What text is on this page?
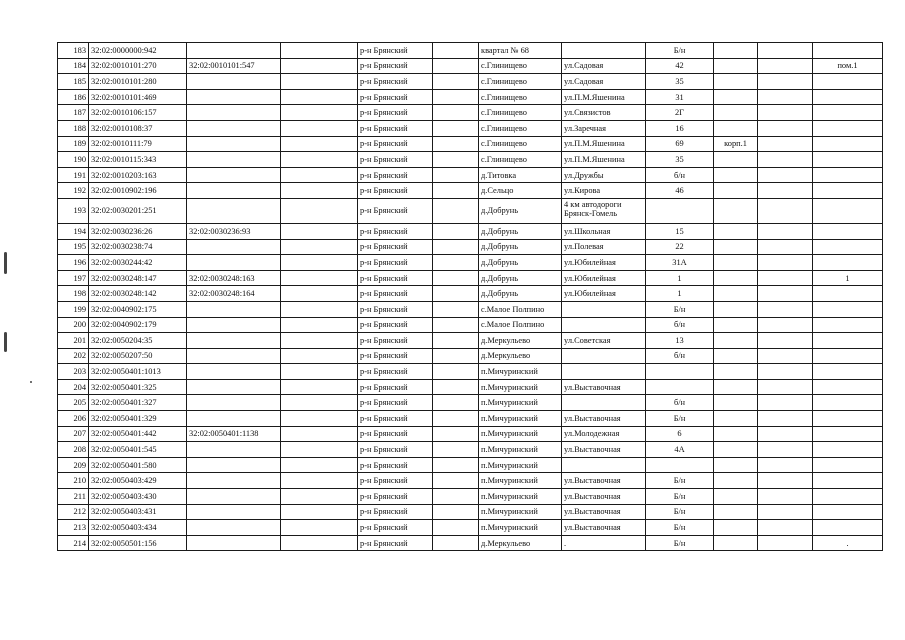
183	32:02:0000000:942			р-н Брянский		квартал № 68		Б/н			
184	32:02:0010101:270	32:02:0010101:547		р-н Брянский		с.Глинищево	ул.Садовая	42			пом.1
185	32:02:0010101:280			р-н Брянский		с.Глинищево	ул.Садовая	35			
186	32:02:0010101:469			р-н Брянский		с.Глинищево	ул.П.М.Яшенина	31			
187	32:02:0010106:157			р-н Брянский		с.Глинищево	ул.Связистов	2Г			
188	32:02:0010108:37			р-н Брянский		с.Глинищево	ул.Заречная	16			
189	32:02:0010111:79			р-н Брянский		с.Глинищево	ул.П.М.Яшенина	69	корп.1		
190	32:02:0010115:343			р-н Брянский		с.Глинищево	ул.П.М.Яшенина	35			
191	32:02:0010203:163			р-н Брянский		д.Титовка	ул.Дружбы	б/н			
192	32:02:0010902:196			р-н Брянский		д.Сельцо	ул.Кирова	46			
193	32:02:0030201:251			р-н Брянский		д.Добрунь	4 км автодороги Брянск-Гомель				
194	32:02:0030236:26	32:02:0030236:93		р-н Брянский		д.Добрунь	ул.Школьная	15			
195	32:02:0030238:74			р-н Брянский		д.Добрунь	ул.Полевая	22			
196	32:02:0030244:42			р-н Брянский		д.Добрунь	ул.Юбилейная	31А			
197	32:02:0030248:147	32:02:0030248:163		р-н Брянский		д.Добрунь	ул.Юбилейная	1			1
198	32:02:0030248:142	32:02:0030248:164		р-н Брянский		д.Добрунь	ул.Юбилейная	1			
199	32:02:0040902:175			р-н Брянский		с.Малое Полпино		Б/н			
200	32:02:0040902:179			р-н Брянский		с.Малое Полпино		б/н			
201	32:02:0050204:35			р-н Брянский		д.Меркульево	ул.Советская	13			
202	32:02:0050207:50			р-н Брянский		д.Меркульево		б/н			
203	32:02:0050401:1013			р-н Брянский		п.Мичуринский					
204	32:02:0050401:325			р-н Брянский		п.Мичуринский	ул.Выставочная				
205	32:02:0050401:327			р-н Брянский		п.Мичуринский		б/н			
206	32:02:0050401:329			р-н Брянский		п.Мичуринский	ул.Выставочная	Б/н			
207	32:02:0050401:442	32:02:0050401:1138		р-н Брянский		п.Мичуринский	ул.Молодежная	6			
208	32:02:0050401:545			р-н Брянский		п.Мичуринский	ул.Выставочная	4А			
209	32:02:0050401:580			р-н Брянский		п.Мичуринский					
210	32:02:0050403:429			р-н Брянский		п.Мичуринский	ул.Выставочная	Б/н			
211	32:02:0050403:430			р-н Брянский		п.Мичуринский	ул.Выставочная	Б/н			
212	32:02:0050403:431			р-н Брянский		п.Мичуринский	ул.Выставочная	Б/н			
213	32:02:0050403:434			р-н Брянский		п.Мичуринский	ул.Выставочная	Б/н			
214	32:02:0050501:156			р-н Брянский		д.Меркульево	.	Б/н			.
